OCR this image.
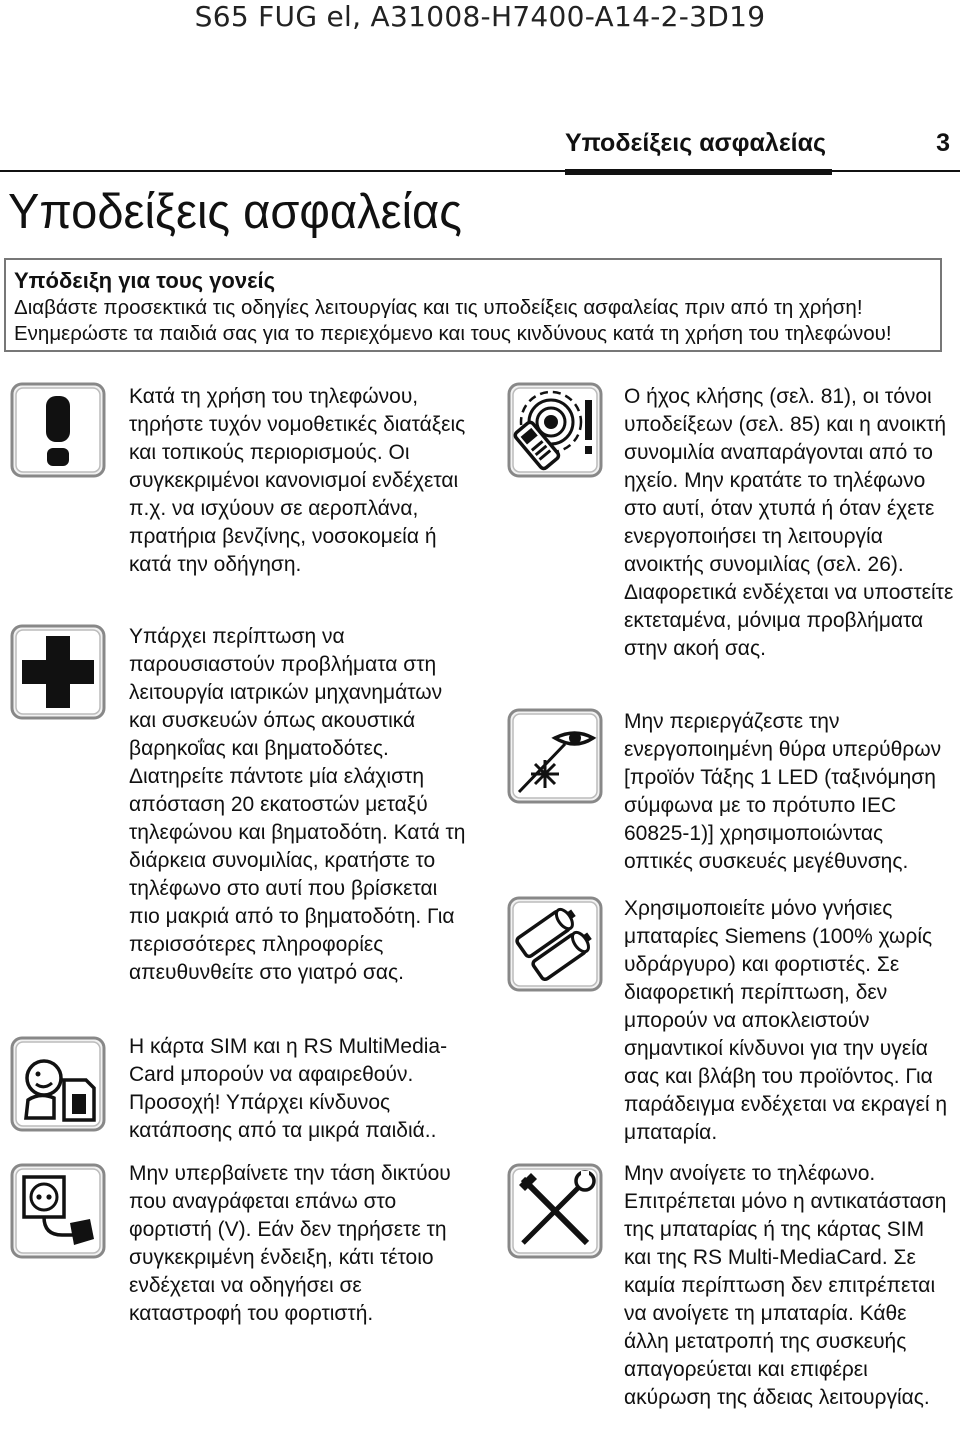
S65 FUG el, A31008-H7400-A14-2-3D19
Υποδείξεις ασφαλείας	3
Υποδείξεις ασφαλείας
Υπόδειξη για τους γονείς
Διαβάστε προσεκτικά τις οδηγίες λειτουργίας και τις υποδείξεις ασφαλείας πριν από τη χρήση!
Ενημερώστε τα παιδιά σας για το περιεχόμενο και τους κινδύνους κατά τη χρήση του τηλεφώνου!
Κατά τη χρήση του τηλεφώνου, τηρήστε τυχόν νομοθετικές διατάξεις και τοπικούς περιορισμούς. Οι συγκεκριμένοι κανονισμοί ενδέχεται π.χ. να ισχύουν σε αεροπλάνα, πρατήρια βενζίνης, νοσοκομεία ή κατά την οδήγηση.
Υπάρχει περίπτωση να παρουσιαστούν προβλήματα στη λειτουργία ιατρικών μηχανημάτων και συσκευών όπως ακουστικά βαρηκοΐας και βηματοδότες. Διατηρείτε πάντοτε μία ελάχιστη απόσταση 20 εκατοστών μεταξύ τηλεφώνου και βηματοδότη. Κατά τη διάρκεια συνομιλίας, κρατήστε το τηλέφωνο στο αυτί που βρίσκεται πιο μακριά από το βηματοδότη. Για περισσότερες πληροφορίες απευθυνθείτε στο γιατρό σας.
Η κάρτα SIM και η RS MultiMedia-Card μπορούν να αφαιρεθούν. Προσοχή! Υπάρχει κίνδυνος κατάποσης από τα μικρά παιδιά..
Μην υπερβαίνετε την τάση δικτύου που αναγράφεται επάνω στο φορτιστή (V). Εάν δεν τηρήσετε τη συγκεκριμένη ένδειξη, κάτι τέτοιο ενδέχεται να οδηγήσει σε καταστροφή του φορτιστή.
Ο ήχος κλήσης (σελ. 81), οι τόνοι υποδείξεων (σελ. 85) και η ανοικτή συνομιλία αναπαράγονται από το ηχείο. Μην κρατάτε το τηλέφωνο στο αυτί, όταν χτυπά ή όταν έχετε ενεργοποιήσει τη λειτουργία ανοικτής συνομιλίας (σελ. 26). Διαφορετικά ενδέχεται να υποστείτε εκτεταμένα, μόνιμα προβλήματα στην ακοή σας.
Μην περιεργάζεστε την ενεργοποιημένη θύρα υπερύθρων [προϊόν Τάξης 1 LED (ταξινόμηση σύμφωνα με το πρότυπο IEC 60825-1)] χρησιμοποιώντας οπτικές συσκευές μεγέθυνσης.
Χρησιμοποιείτε μόνο γνήσιες μπαταρίες Siemens (100% χωρίς υδράργυρο) και φορτιστές. Σε διαφορετική περίπτωση, δεν μπορούν να αποκλειστούν σημαντικοί κίνδυνοι για την υγεία σας και βλάβη του προϊόντος. Για παράδειγμα ενδέχεται να εκραγεί η μπαταρία.
Μην ανοίγετε το τηλέφωνο. Επιτρέπεται μόνο η αντικατάσταση της μπαταρίας ή της κάρτας SIM και της RS Multi-MediaCard. Σε καμία περίπτωση δεν επιτρέπεται να ανοίγετε τη μπαταρία. Κάθε άλλη μετατροπή της συσκευής απαγορεύεται και επιφέρει ακύρωση της άδειας λειτουργίας.
